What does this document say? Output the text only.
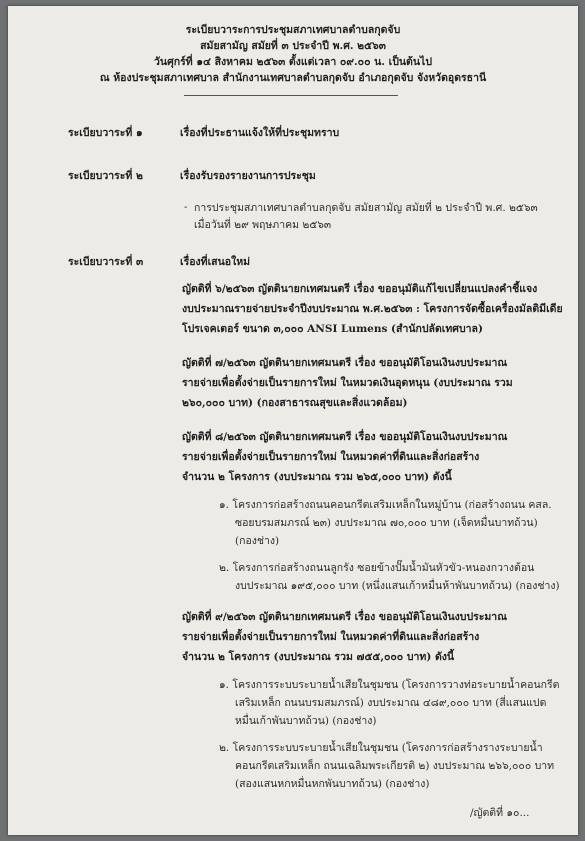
ระเบียบวาระการประชุมสภาเทศบาลตำบลกุดจับ
สมัยสามัญ สมัยที่ ๓ ประจำปี พ.ศ. ๒๕๖๓
วันศุกร์ที่ ๑๔ สิงหาคม ๒๕๖๓ ตั้งแต่เวลา ๐๙.๐๐ น. เป็นต้นไป
ณ ห้องประชุมสภาเทศบาล สำนักงานเทศบาลตำบลกุดจับ อำเภอกุดจับ จังหวัดอุดรธานี
ระเบียบวาระที่ ๑	เรื่องที่ประธานแจ้งให้ที่ประชุมทราบ
ระเบียบวาระที่ ๒	เรื่องรับรองรายงานการประชุม
- การประชุมสภาเทศบาลตำบลกุดจับ สมัยสามัญ สมัยที่ ๒ ประจำปี พ.ศ. ๒๕๖๓
เมื่อวันที่ ๒๙ พฤษภาคม ๒๕๖๓
ระเบียบวาระที่ ๓	เรื่องที่เสนอใหม่
ญัตติที่ ๖/๒๕๖๓ ญัตตินายกเทศมนตรี เรื่อง ขออนุมัติแก้ไขเปลี่ยนแปลงคำชี้แจง
งบประมาณรายจ่ายประจำปีงบประมาณ พ.ศ.๒๕๖๓ : โครงการจัดซื้อเครื่องมัลติมีเดีย
โปรเจคเตอร์ ขนาด ๓,๐๐๐ ANSI Lumens (สำนักปลัดเทศบาล)
ญัตติที่ ๗/๒๕๖๓ ญัตตินายกเทศมนตรี เรื่อง ขออนุมัติโอนเงินงบประมาณ
รายจ่ายเพื่อตั้งจ่ายเป็นรายการใหม่ ในหมวดเงินอุดหนุน (งบประมาณ รวม
๒๖๐,๐๐๐ บาท) (กองสาธารณสุขและสิ่งแวดล้อม)
ญัตติที่ ๘/๒๕๖๓ ญัตตินายกเทศมนตรี เรื่อง ขออนุมัติโอนเงินงบประมาณ
รายจ่ายเพื่อตั้งจ่ายเป็นรายการใหม่ ในหมวดค่าที่ดินและสิ่งก่อสร้าง
จำนวน ๒ โครงการ (งบประมาณ รวม ๒๖๕,๐๐๐ บาท) ดังนี้
๑. โครงการก่อสร้างถนนคอนกรีตเสริมเหล็กในหมู่บ้าน (ก่อสร้างถนน คสล.
ซอยบรมสมภรณ์ ๒๓) งบประมาณ ๗๐,๐๐๐ บาท (เจ็ดหมื่นบาทถ้วน)
(กองช่าง)
๒. โครงการก่อสร้างถนนลูกรัง ซอยข้างปั๊มน้ำมันหัวขัว-หนองกวางต้อน
งบประมาณ ๑๙๕,๐๐๐ บาท (หนึ่งแสนเก้าหมื่นห้าพันบาทถ้วน) (กองช่าง)
ญัตติที่ ๙/๒๕๖๓ ญัตตินายกเทศมนตรี เรื่อง ขออนุมัติโอนเงินงบประมาณ
รายจ่ายเพื่อตั้งจ่ายเป็นรายการใหม่ ในหมวดค่าที่ดินและสิ่งก่อสร้าง
จำนวน ๒ โครงการ (งบประมาณ รวม ๗๕๕,๐๐๐ บาท) ดังนี้
๑. โครงการระบบระบายน้ำเสียในชุมชน (โครงการวางท่อระบายน้ำคอนกรีต
เสริมเหล็ก ถนนบรมสมภรณ์) งบประมาณ ๔๘๙,๐๐๐ บาท (สี่แสนแปด
หมื่นเก้าพันบาทถ้วน) (กองช่าง)
๒. โครงการระบบระบายน้ำเสียในชุมชน (โครงการก่อสร้างรางระบายน้ำ
คอนกรีตเสริมเหล็ก ถนนเฉลิมพระเกียรติ ๒) งบประมาณ ๒๖๖,๐๐๐ บาท
(สองแสนหกหมื่นหกพันบาทถ้วน) (กองช่าง)
/ญัตติที่ ๑๐...
